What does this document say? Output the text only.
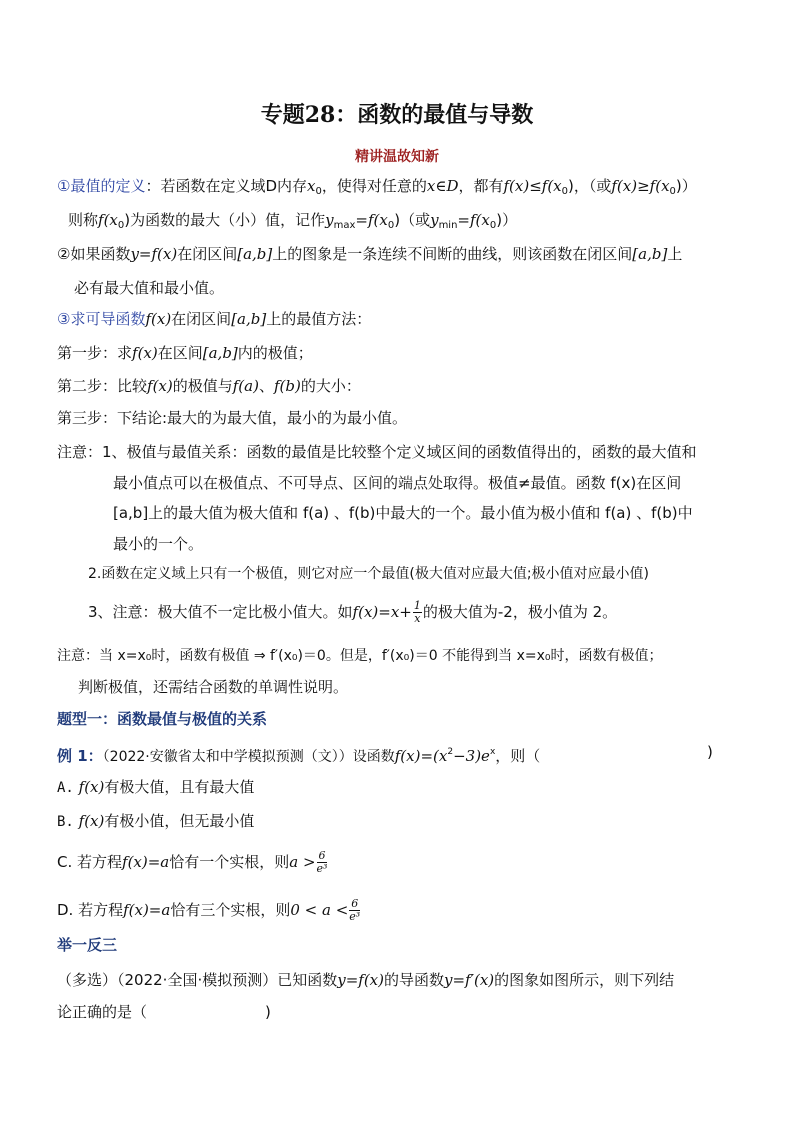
专题28：函数的最值与导数
精讲温故知新
①最值的定义：若函数在定义域D内存$x_0$，使得对任意的x∈D，都有$f(x)\le f(x_0)$，（或$f(x)\ge f(x_0)$）
则称$f(x_0)$为函数的最大（小）值，记作$y_{max}=f(x_0)$（或$y_{min}=f(x_0)$）
②如果函数y=f(x)在闭区间[a,b]上的图象是一条连续不间断的曲线，则该函数在闭区间[a,b]上
必有最大值和最小值。
③求可导函数f(x)在闭区间[a,b]上的最值方法：
第一步：求f(x)在区间[a,b]内的极值；
第二步：比较f(x)的极值与f(a)、f(b)的大小：
第三步：下结论:最大的为最大值，最小的为最小值。
注意：1、极值与最值关系：函数的最值是比较整个定义域区间的函数值得出的，函数的最大值和
最小值点可以在极值点、不可导点、区间的端点处取得。极值≠最值。函数 f(x)在区间
[a,b]上的最大值为极大值和 f(a) 、f(b)中最大的一个。最小值为极小值和 f(a) 、f(b)中
最小的一个。
2.函数在定义域上只有一个极值，则它对应一个最值(极大值对应最大值;极小值对应最小值)
3、注意：极大值不一定比极小值大。如$f(x)=x+ \frac{1}{x}$ 的极大值为-2，极小值为 2。
注意：当 x=x₀时，函数有极值 ⇒ f′(x₀)＝0。但是，f′(x₀)＝0 不能得到当 x=x₀时，函数有极值；
判断极值，还需结合函数的单调性说明。
题型一：函数最值与极值的关系
例 1：（2022·安徽省太和中学模拟预测（文））设函数$f(x)=(x^2-3)e^x$，则（	)
A. f(x)有极大值，且有最大值
B. f(x)有极小值，但无最小值
C. 若方程f(x)=a恰有一个实根，则$a > \frac{6}{\text{e³}}$
D. 若方程f(x)=a恰有三个实根，则$0 < a < \frac{6}{\text{e³}}$
举一反三
（多选）（2022·全国·模拟预测）已知函数y=f(x)的导函数y=f′(x)的图象如图所示，则下列结
论正确的是（	)
